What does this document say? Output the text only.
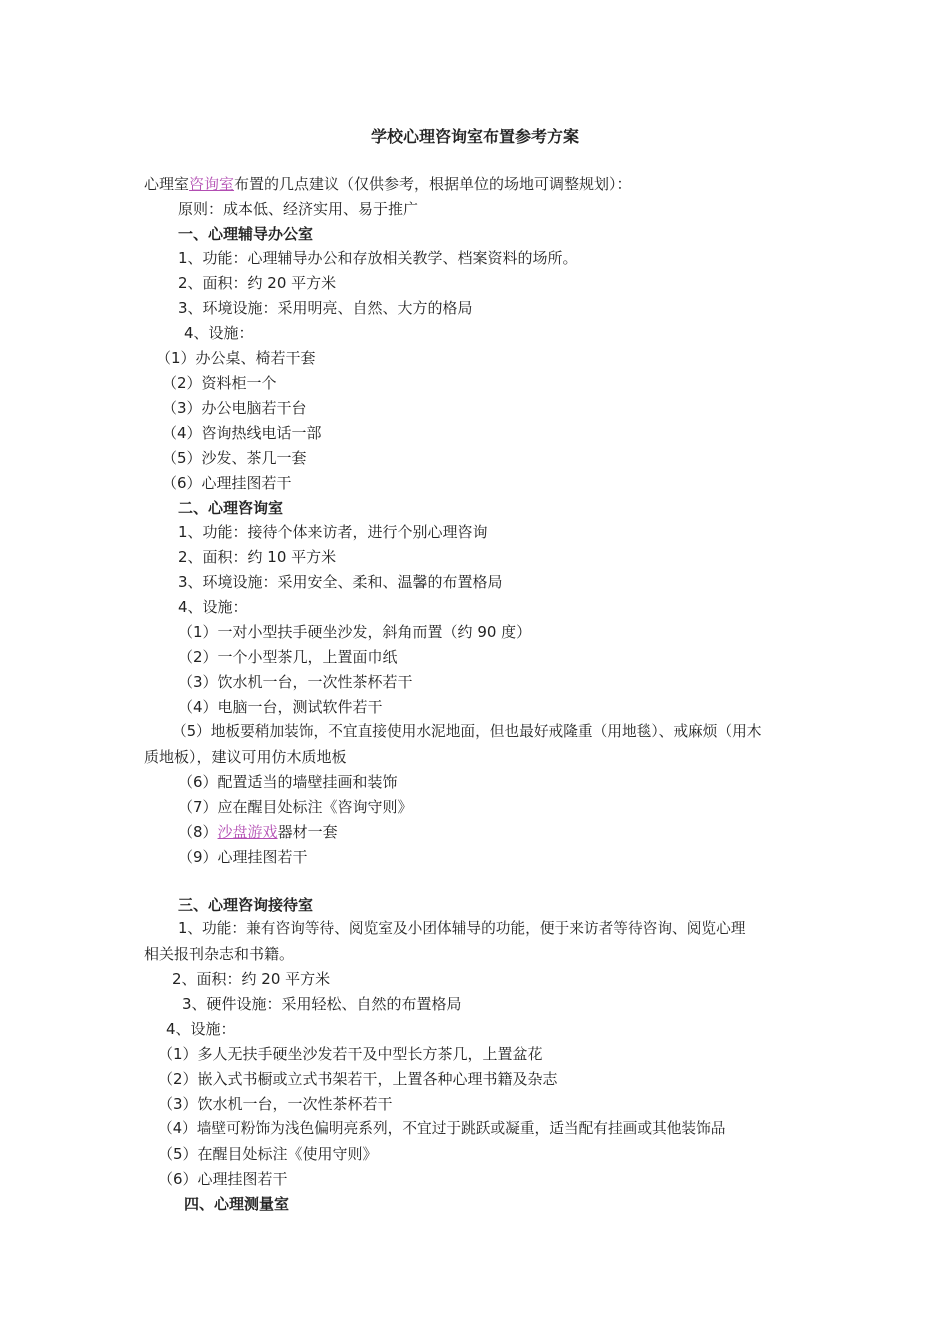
学校心理咨询室布置参考方案
心理室咨询室布置的几点建议（仅供参考，根据单位的场地可调整规划）：
原则：成本低、经济实用、易于推广
一、心理辅导办公室
1、功能：心理辅导办公和存放相关教学、档案资料的场所。
2、面积：约 20 平方米
3、环境设施：采用明亮、自然、大方的格局
4、设施：
（1）办公桌、椅若干套
（2）资料柜一个
（3）办公电脑若干台
（4）咨询热线电话一部
（5）沙发、茶几一套
（6）心理挂图若干
二、心理咨询室
1、功能：接待个体来访者，进行个别心理咨询
2、面积：约 10 平方米
3、环境设施：采用安全、柔和、温馨的布置格局
4、设施：
（1）一对小型扶手硬坐沙发，斜角而置（约 90 度）
（2）一个小型茶几，上置面巾纸
（3）饮水机一台，一次性茶杯若干
（4）电脑一台，测试软件若干
（5）地板要稍加装饰，不宜直接使用水泥地面，但也最好戒隆重（用地毯）、戒麻烦（用木
质地板），建议可用仿木质地板
（6）配置适当的墙壁挂画和装饰
（7）应在醒目处标注《咨询守则》
（8）沙盘游戏器材一套
（9）心理挂图若干
三、心理咨询接待室
1、功能：兼有咨询等待、阅览室及小团体辅导的功能，便于来访者等待咨询、阅览心理
相关报刊杂志和书籍。
2、面积：约 20 平方米
3、硬件设施：采用轻松、自然的布置格局
4、设施：
（1）多人无扶手硬坐沙发若干及中型长方茶几，上置盆花
（2）嵌入式书橱或立式书架若干，上置各种心理书籍及杂志
（3）饮水机一台，一次性茶杯若干
（4）墙壁可粉饰为浅色偏明亮系列，不宜过于跳跃或凝重，适当配有挂画或其他装饰品
（5）在醒目处标注《使用守则》
（6）心理挂图若干
四、心理测量室
